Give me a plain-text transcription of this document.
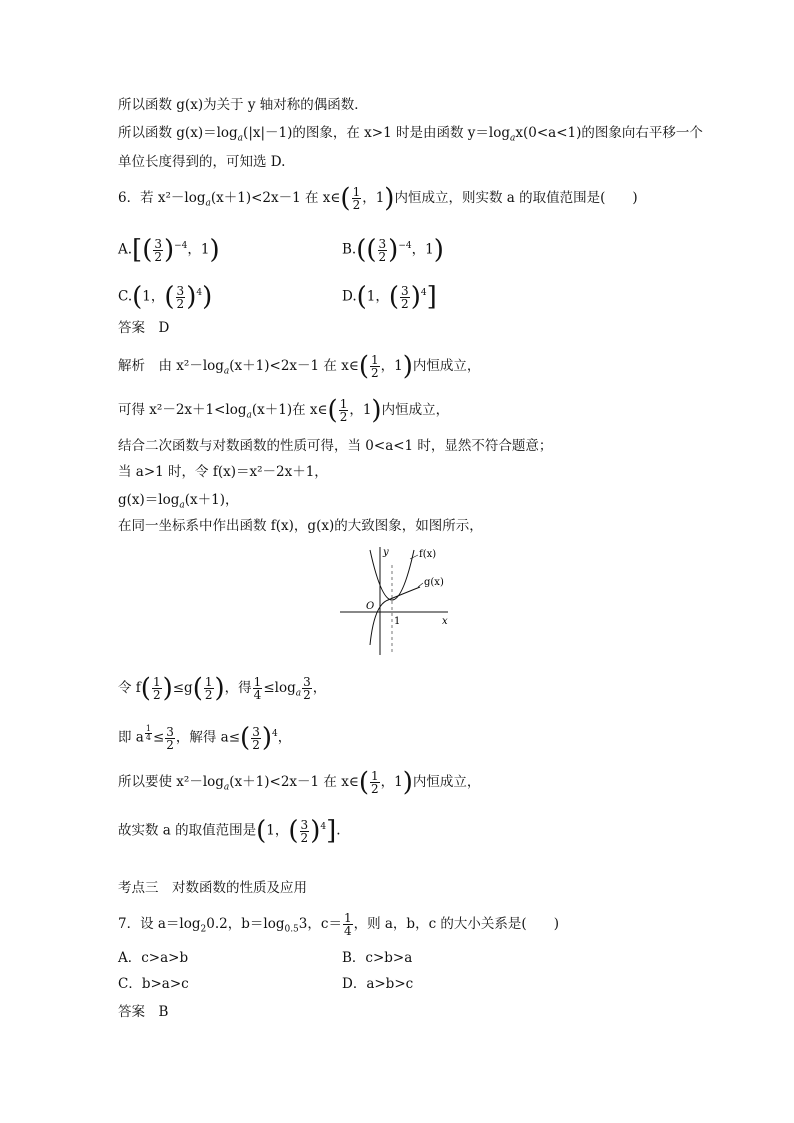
所以函数 g(x)为关于 y 轴对称的偶函数．
所以函数 $g(x)=\log_a(|x|-1)$的图象，在 x>1 时是由函数 $y=\log_ax(0<a<1)$的图象向右平移一个
单位长度得到的，可知选 D.
6．若 $x^2-\log_a(x+1)<2x-1$ 在 x∈( $\frac{1}{2}$ ，1)内恒成立，则实数 a 的取值范围是(　　)
$A.[( \frac{3}{2} )^{-4}$，1)	$B.(( \frac{3}{2} )^{-4}$，1)
C.(1，( $\frac{3}{2} )^4$)	D.(1，( $\frac{3}{2} )^4$]
答案　D
解析　由 $x^2-\log_a(x+1)<2x-1$ 在 x∈( $\frac{1}{2}$ ，1)内恒成立，
可得 $x^2-2x+1<\log_a(x+1)$在 x∈( $\frac{1}{2}$ ，1)内恒成立，
结合二次函数与对数函数的性质可得，当 0<a<1 时，显然不符合题意；
当 a>1 时，令 f(x)＝x²－2x＋1，
$g(x)=\log_a(x+1)$，
在同一坐标系中作出函数 f(x)，g(x)的大致图象，如图所示，
y
x
O
1
f(x)
g(x)
令 $f( \frac{1}{2} )\le g( \frac{1}{2}$ )，得 $\frac{1}{4} \le\log_a \frac{3}{2}$ ，
即 a $^{\frac{1}{4}} \le \frac{3}{2}$ ，解得 $a\le( \frac{3}{2} )^4$，
所以要使 $x^2-\log_a(x+1)<2x-1$ 在 x∈( $\frac{1}{2}$ ，1)内恒成立，
故实数 a 的取值范围是(1，( $\frac{3}{2} )^4$].
考点三　对数函数的性质及应用
7．设 $a=\log_20.2$，$b=\log_{0.5}3$，$c= \frac{1}{4}$ ，则 a，b，c 的大小关系是(　　)
A．c>a>b	B．c>b>a
C．b>a>c	D．a>b>c
答案　B
